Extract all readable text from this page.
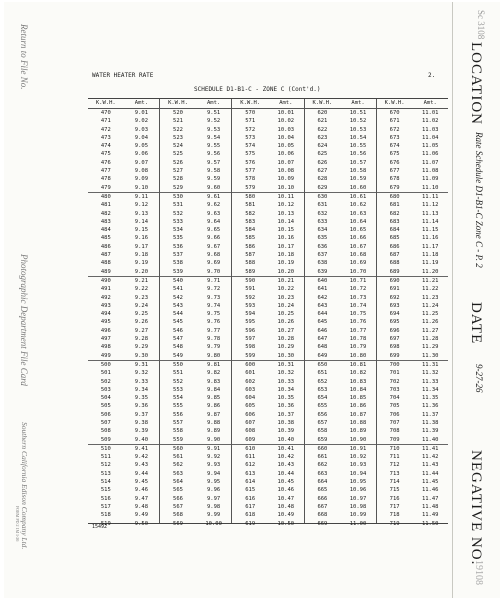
Return to File No.
Photographic Department File Card
Southern California Edison Company Ltd.
FORM PD 2 1M 1-26
WATER HEATER RATE	2.
SCHEDULE D1-B1-C - ZONE C (Cont'd.)
K.W.H.	Amt.
470	9.01
471	9.02
472	9.03
473	9.04
474	9.05
475	9.06
476	9.07
477	9.08
478	9.09
479	9.10
480	9.11
481	9.12
482	9.13
483	9.14
484	9.15
485	9.16
486	9.17
487	9.18
488	9.19
489	9.20
490	9.21
491	9.22
492	9.23
493	9.24
494	9.25
495	9.26
496	9.27
497	9.28
498	9.29
499	9.30
500	9.31
501	9.32
502	9.33
503	9.34
504	9.35
505	9.36
506	9.37
507	9.38
508	9.39
509	9.40
510	9.41
511	9.42
512	9.43
513	9.44
514	9.45
515	9.46
516	9.47
517	9.48
518	9.49
519	9.50
K.W.H.	Amt.
520	9.51
521	9.52
522	9.53
523	9.54
524	9.55
525	9.56
526	9.57
527	9.58
528	9.59
529	9.60
530	9.61
531	9.62
532	9.63
533	9.64
534	9.65
535	9.66
536	9.67
537	9.68
538	9.69
539	9.70
540	9.71
541	9.72
542	9.73
543	9.74
544	9.75
545	9.76
546	9.77
547	9.78
548	9.79
549	9.80
550	9.81
551	9.82
552	9.83
553	9.84
554	9.85
555	9.86
556	9.87
557	9.88
558	9.89
559	9.90
560	9.91
561	9.92
562	9.93
563	9.94
564	9.95
565	9.96
566	9.97
567	9.98
568	9.99
569	10.00
K.W.H.	Amt.
570	10.01
571	10.02
572	10.03
573	10.04
574	10.05
575	10.06
576	10.07
577	10.08
578	10.09
579	10.10
580	10.11
581	10.12
582	10.13
583	10.14
584	10.15
585	10.16
586	10.17
587	10.18
588	10.19
589	10.20
590	10.21
591	10.22
592	10.23
593	10.24
594	10.25
595	10.26
596	10.27
597	10.28
598	10.29
599	10.30
600	10.31
601	10.32
602	10.33
603	10.34
604	10.35
605	10.36
606	10.37
607	10.38
608	10.39
609	10.40
610	10.41
611	10.42
612	10.43
613	10.44
614	10.45
615	10.46
616	10.47
617	10.48
618	10.49
619	10.50
K.W.H.	Amt.
620	10.51
621	10.52
622	10.53
623	10.54
624	10.55
625	10.56
626	10.57
627	10.58
628	10.59
629	10.60
630	10.61
631	10.62
632	10.63
633	10.64
634	10.65
635	10.66
636	10.67
637	10.68
638	10.69
639	10.70
640	10.71
641	10.72
642	10.73
643	10.74
644	10.75
645	10.76
646	10.77
647	10.78
648	10.79
649	10.80
650	10.81
651	10.82
652	10.83
653	10.84
654	10.85
655	10.86
656	10.87
657	10.88
658	10.89
659	10.90
660	10.91
661	10.92
662	10.93
663	10.94
664	10.95
665	10.96
666	10.97
667	10.98
668	10.99
669	11.00
K.W.H.	Amt.
670	11.01
671	11.02
672	11.03
673	11.04
674	11.05
675	11.06
676	11.07
677	11.08
678	11.09
679	11.10
680	11.11
681	11.12
682	11.13
683	11.14
684	11.15
685	11.16
686	11.17
687	11.18
688	11.19
689	11.20
690	11.21
691	11.22
692	11.23
693	11.24
694	11.25
695	11.26
696	11.27
697	11.28
698	11.29
699	11.30
700	11.31
701	11.32
702	11.33
703	11.34
704	11.35
705	11.36
706	11.37
707	11.38
708	11.39
709	11.40
710	11.41
711	11.42
712	11.43
713	11.44
714	11.45
715	11.46
716	11.47
717	11.48
718	11.49
719	11.50
15492
Sc 3108
LOCATION
Rate Schedule D1-B1-C Zone C - P. 2
DATE
9-27-26
NEGATIVE NO.
19108
